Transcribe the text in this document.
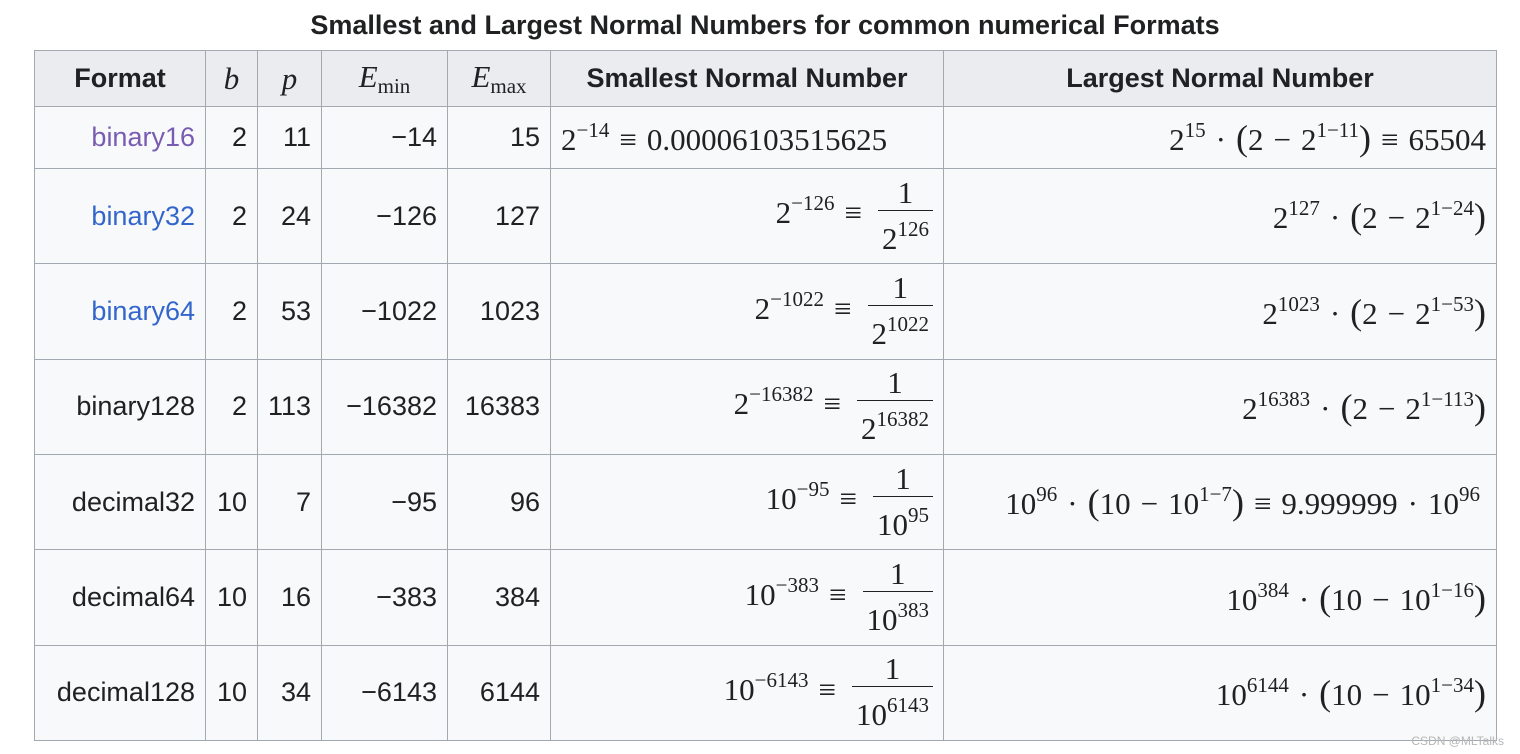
Smallest and Largest Normal Numbers for common numerical Formats
Format	b	p	$E_{min}$	$E_{max}$	Smallest Normal Number	Largest Normal Number
binary16	2	11	−14	15	$2^{-14} \equiv 0.00006103515625$	$2^{15} \cdot (2 - 2^{1-11}) \equiv 65504$
binary32	2	24	−126	127	$2^{-126} \equiv \frac{1}{2^{126}}$	$2^{127} \cdot (2 - 2^{1-24})$
binary64	2	53	−1022	1023	$2^{-1022} \equiv \frac{1}{2^{1022}}$	$2^{1023} \cdot (2 - 2^{1-53})$
binary128	2	113	−16382	16383	$2^{-16382} \equiv \frac{1}{2^{16382}}$	$2^{16383} \cdot (2 - 2^{1-113})$
decimal32	10	7	−95	96	$10^{-95} \equiv \frac{1}{10^{95}}$	$10^{96} \cdot (10 - 10^{1-7}) \equiv 9.999999 \cdot 10^{96}$
decimal64	10	16	−383	384	$10^{-383} \equiv \frac{1}{10^{383}}$	$10^{384} \cdot (10 - 10^{1-16})$
decimal128	10	34	−6143	6144	$10^{-6143} \equiv \frac{1}{10^{6143}}$	$10^{6144} \cdot (10 - 10^{1-34})$
CSDN @MLTalks
